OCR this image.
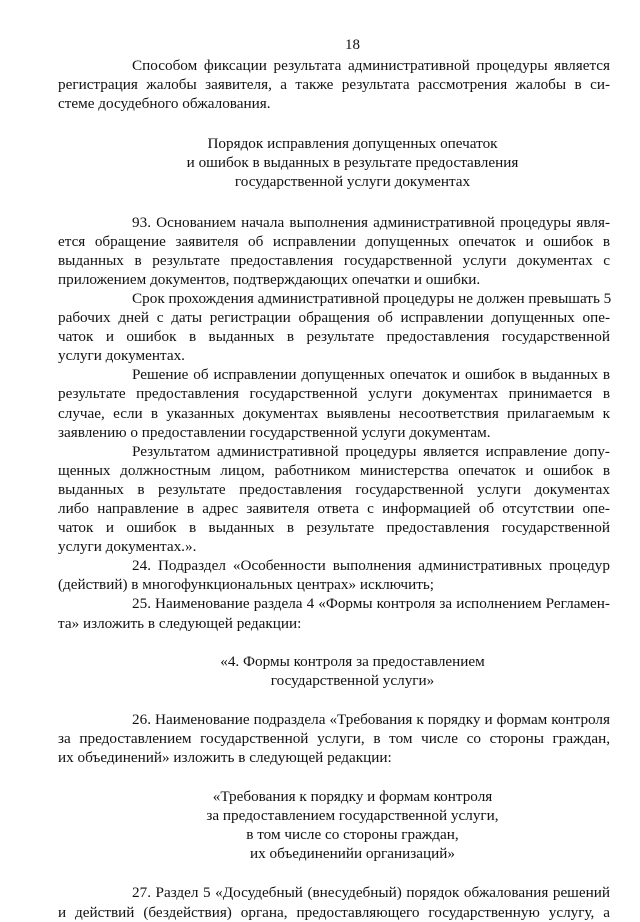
18
Способом фиксации результата административной процедуры является
регистрация жалобы заявителя, а также результата рассмотрения жалобы в си-
стеме досудебного обжалования.
Порядок исправления допущенных опечаток
и ошибок в выданных в результате предоставления
государственной услуги документах
93. Основанием начала выполнения административной процедуры явля-
ется обращение заявителя об исправлении допущенных опечаток и ошибок в
выданных в результате предоставления государственной услуги документах с
приложением документов, подтверждающих опечатки и ошибки.
Срок прохождения административной процедуры не должен превышать 5
рабочих дней с даты регистрации обращения об исправлении допущенных опе-
чаток и ошибок в выданных в результате предоставления государственной
услуги документах.
Решение об исправлении допущенных опечаток и ошибок в выданных в
результате предоставления государственной услуги документах принимается в
случае, если в указанных документах выявлены несоответствия прилагаемым к
заявлению о предоставлении государственной услуги документам.
Результатом административной процедуры является исправление допу-
щенных должностным лицом, работником министерства опечаток и ошибок в
выданных в результате предоставления государственной услуги документах
либо направление в адрес заявителя ответа с информацией об отсутствии опе-
чаток и ошибок в выданных в результате предоставления государственной
услуги документах.».
24. Подраздел «Особенности выполнения административных процедур
(действий) в многофункциональных центрах» исключить;
25. Наименование раздела 4 «Формы контроля за исполнением Регламен-
та» изложить в следующей редакции:
«4. Формы контроля за предоставлением
государственной услуги»
26. Наименование подраздела «Требования к порядку и формам контроля
за предоставлением государственной услуги, в том числе со стороны граждан,
их объединений» изложить в следующей редакции:
«Требования к порядку и формам контроля
за предоставлением государственной услуги,
в том числе со стороны граждан,
их объединенийи организаций»
27. Раздел 5 «Досудебный (внесудебный) порядок обжалования решений
и действий (бездействия) органа, предоставляющего государственную услугу, а
